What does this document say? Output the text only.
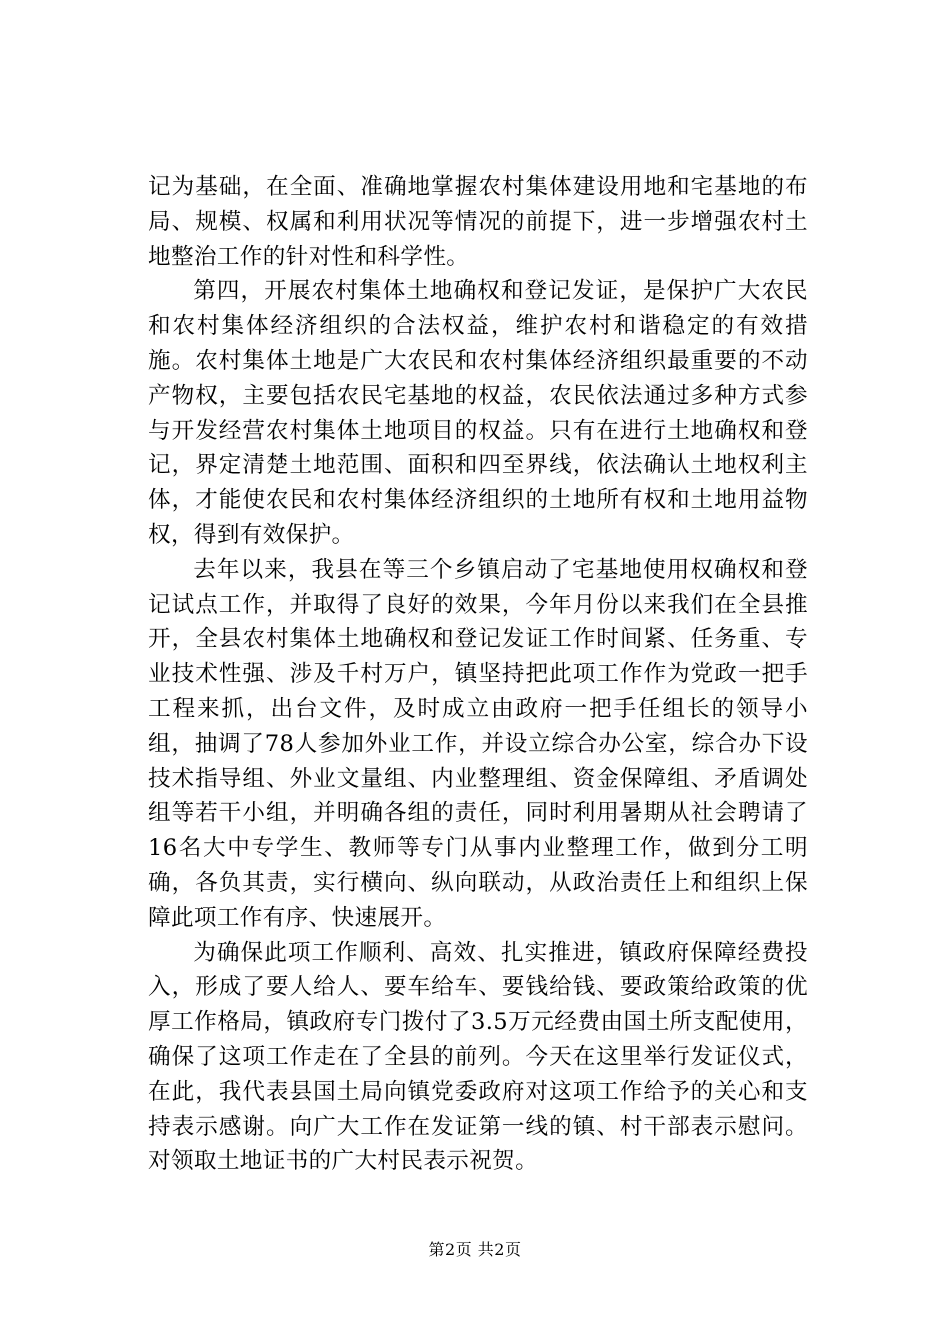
记为基础，在全面、准确地掌握农村集体建设用地和宅基地的布局、规模、权属和利用状况等情况的前提下，进一步增强农村土地整治工作的针对性和科学性。

第四，开展农村集体土地确权和登记发证，是保护广大农民和农村集体经济组织的合法权益，维护农村和谐稳定的有效措施。农村集体土地是广大农民和农村集体经济组织最重要的不动产物权，主要包括农民宅基地的权益，农民依法通过多种方式参与开发经营农村集体土地项目的权益。只有在进行土地确权和登记，界定清楚土地范围、面积和四至界线，依法确认土地权利主体，才能使农民和农村集体经济组织的土地所有权和土地用益物权，得到有效保护。

去年以来，我县在等三个乡镇启动了宅基地使用权确权和登记试点工作，并取得了良好的效果，今年月份以来我们在全县推开，全县农村集体土地确权和登记发证工作时间紧、任务重、专业技术性强、涉及千村万户，镇坚持把此项工作作为党政一把手工程来抓，出台文件，及时成立由政府一把手任组长的领导小组，抽调了78人参加外业工作，并设立综合办公室，综合办下设技术指导组、外业文量组、内业整理组、资金保障组、矛盾调处组等若干小组，并明确各组的责任，同时利用暑期从社会聘请了16名大中专学生、教师等专门从事内业整理工作，做到分工明确，各负其责，实行横向、纵向联动，从政治责任上和组织上保障此项工作有序、快速展开。

为确保此项工作顺利、高效、扎实推进，镇政府保障经费投入，形成了要人给人、要车给车、要钱给钱、要政策给政策的优厚工作格局，镇政府专门拨付了3.5万元经费由国土所支配使用，确保了这项工作走在了全县的前列。今天在这里举行发证仪式，在此，我代表县国土局向镇党委政府对这项工作给予的关心和支持表示感谢。向广大工作在发证第一线的镇、村干部表示慰问。对领取土地证书的广大村民表示祝贺。

第2页 共2页
